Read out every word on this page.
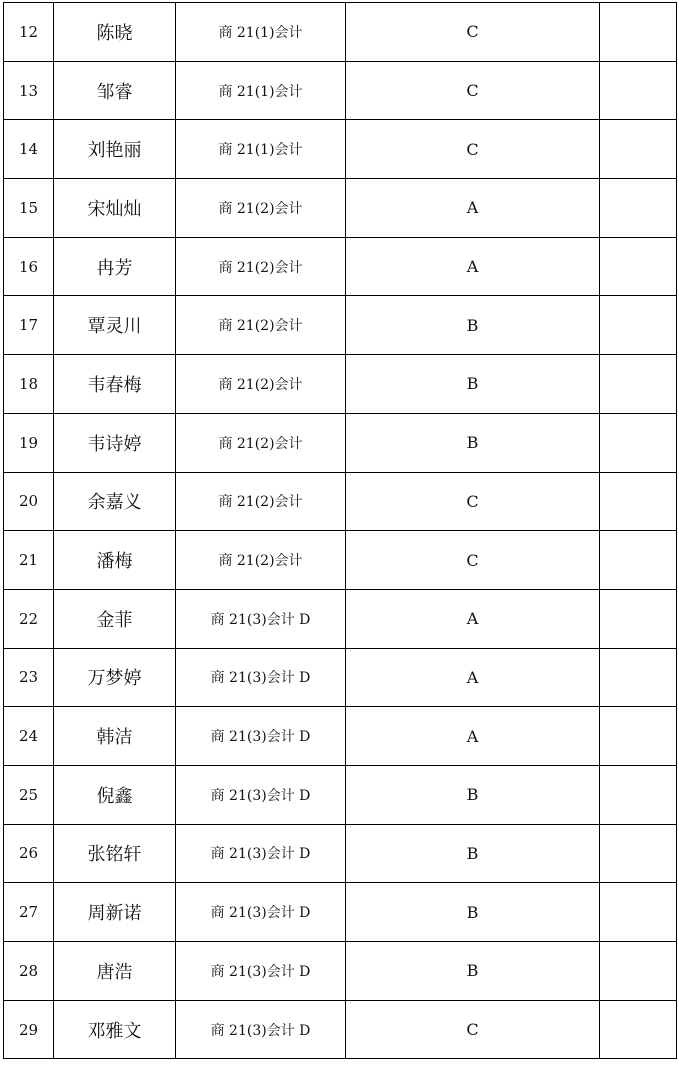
12	陈晓	商 21(1)会计	C	
13	邹睿	商 21(1)会计	C	
14	刘艳丽	商 21(1)会计	C	
15	宋灿灿	商 21(2)会计	A	
16	冉芳	商 21(2)会计	A	
17	覃灵川	商 21(2)会计	B	
18	韦春梅	商 21(2)会计	B	
19	韦诗婷	商 21(2)会计	B	
20	余嘉义	商 21(2)会计	C	
21	潘梅	商 21(2)会计	C	
22	金菲	商 21(3)会计 D	A	
23	万梦婷	商 21(3)会计 D	A	
24	韩洁	商 21(3)会计 D	A	
25	倪鑫	商 21(3)会计 D	B	
26	张铭轩	商 21(3)会计 D	B	
27	周新诺	商 21(3)会计 D	B	
28	唐浩	商 21(3)会计 D	B	
29	邓雅文	商 21(3)会计 D	C	
